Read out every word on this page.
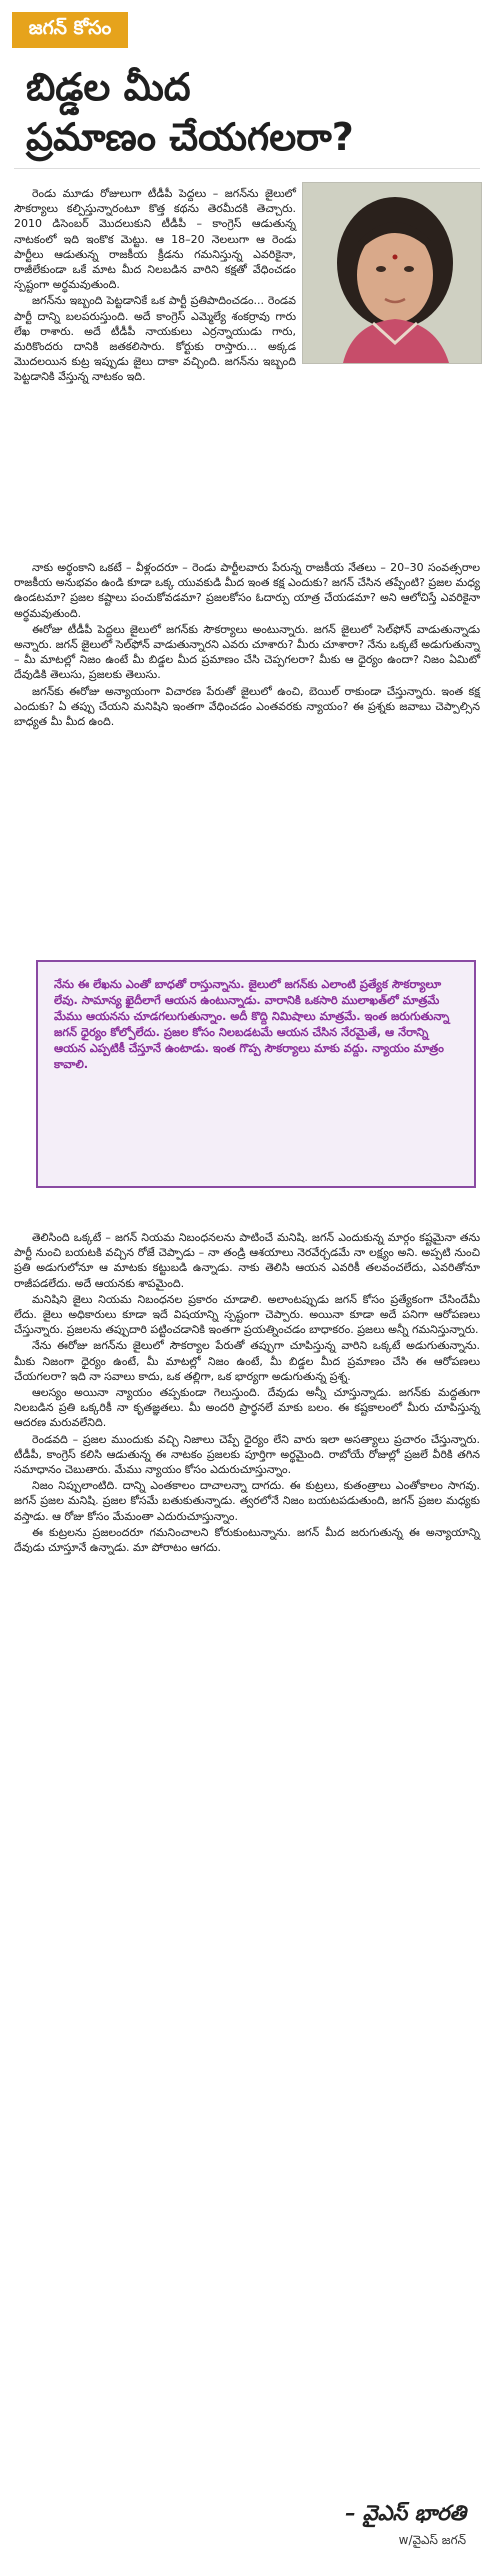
జగన్ కోసం
బిడ్డల మీద
ప్రమాణం చేయగలరా?

రెండు మూడు రోజులుగా టీడీపీ పెద్దలు – జగన్‌ను జైలులో సౌకర్యాలు కల్పిస్తున్నారంటూ కొత్త కథను తెరమీదకి తెచ్చారు. 2010 డిసెంబర్ మొదలుకుని టీడీపీ – కాంగ్రెస్ ఆడుతున్న నాటకంలో ఇది ఇంకొక మెట్టు. ఆ 18–20 నెలలుగా ఆ రెండు పార్టీలు ఆడుతున్న రాజకీయ క్రీడను గమనిస్తున్న ఎవరికైనా, రాజీలేకుండా ఒకే మాట మీద నిలబడిన వారిని కక్షతో వేధించడం స్పష్టంగా అర్థమవుతుంది.

జగన్‌ను ఇబ్బంది పెట్టడానికే ఒక పార్టీ ప్రతిపాదించడం... రెండవ పార్టీ దాన్ని బలపరుస్తుంది. అదే కాంగ్రెస్ ఎమ్మెల్యే శంకర్రావు గారు లేఖ రాశారు. అదే టీడీపీ నాయకులు ఎర్రన్నాయుడు గారు, మరికొందరు దానికి జతకలిసారు. కోర్టుకు రాస్తారు... అక్కడ మొదలయిన కుట్ర ఇప్పుడు జైలు దాకా వచ్చింది. జగన్‌ను ఇబ్బంది పెట్టడానికి వేస్తున్న నాటకం ఇది.

నాకు అర్థంకాని ఒకటే – వీళ్లందరూ – రెండు పార్టీలవారు పేరున్న రాజకీయ నేతలు – 20–30 సంవత్సరాల రాజకీయ అనుభవం ఉండి కూడా ఒక్క యువకుడి మీద ఇంత కక్ష ఎందుకు? జగన్ చేసిన తప్పేంటి? ప్రజల మధ్య ఉండటమా? ప్రజల కష్టాలు పంచుకోవడమా? ప్రజలకోసం ఓదార్పు యాత్ర చేయడమా? అని ఆలోచిస్తే ఎవరికైనా అర్థమవుతుంది.

ఈరోజు టీడీపీ పెద్దలు జైలులో జగన్‌కు సౌకర్యాలు అంటున్నారు. జగన్ జైలులో సెల్‌ఫోన్ వాడుతున్నాడు అన్నారు. జగన్ జైలులో సెల్‌ఫోన్ వాడుతున్నారని ఎవరు చూశారు? మీరు చూశారా? నేను ఒక్కటే అడుగుతున్నా – మీ మాటల్లో నిజం ఉంటే మీ బిడ్డల మీద ప్రమాణం చేసి చెప్పగలరా? మీకు ఆ ధైర్యం ఉందా? నిజం ఏమిటో దేవుడికి తెలుసు, ప్రజలకు తెలుసు.

జగన్‌కు ఈరోజు అన్యాయంగా విచారణ పేరుతో జైలులో ఉంచి, బెయిల్ రాకుండా చేస్తున్నారు. ఇంత కక్ష ఎందుకు? ఏ తప్పు చేయని మనిషిని ఇంతగా వేధించడం ఎంతవరకు న్యాయం? ఈ ప్రశ్నకు జవాబు చెప్పాల్సిన బాధ్యత మీ మీద ఉంది.

నేను ఈ లేఖను ఎంతో బాధతో రాస్తున్నాను. జైలులో జగన్‌కు ఎలాంటి ప్రత్యేక సౌకర్యాలూ లేవు. సామాన్య ఖైదీలాగే ఆయన ఉంటున్నాడు. వారానికి ఒకసారి ములాఖత్‌లో మాత్రమే మేము ఆయనను చూడగలుగుతున్నాం. అదీ కొద్ది నిమిషాలు మాత్రమే. ఇంత జరుగుతున్నా జగన్ ధైర్యం కోల్పోలేదు. ప్రజల కోసం నిలబడటమే ఆయన చేసిన నేరమైతే, ఆ నేరాన్ని ఆయన ఎప్పటికీ చేస్తూనే ఉంటాడు. ఇంత గొప్ప సౌకర్యాలు మాకు వద్దు. న్యాయం మాత్రం కావాలి.

తెలిసింది ఒక్కటే – జగన్ నియమ నిబంధనలను పాటించే మనిషి. జగన్ ఎందుకున్న మార్గం కష్టమైనా తను పార్టీ నుంచి బయటకి వచ్చిన రోజే చెప్పాడు – నా తండ్రి ఆశయాలు నెరవేర్చడమే నా లక్ష్యం అని. అప్పటి నుంచి ప్రతి అడుగులోనూ ఆ మాటకు కట్టుబడి ఉన్నాడు. నాకు తెలిసి ఆయన ఎవరికీ తలవంచలేదు, ఎవరితోనూ రాజీపడలేదు. అదే ఆయనకు శాపమైంది.

మనిషిని జైలు నియమ నిబంధనల ప్రకారం చూడాలి. అలాంటప్పుడు జగన్ కోసం ప్రత్యేకంగా చేసిందేమీ లేదు. జైలు అధికారులు కూడా ఇదే విషయాన్ని స్పష్టంగా చెప్పారు. అయినా కూడా అదే పనిగా ఆరోపణలు చేస్తున్నారు. ప్రజలను తప్పుదారి పట్టించడానికి ఇంతగా ప్రయత్నించడం బాధాకరం. ప్రజలు అన్నీ గమనిస్తున్నారు.

నేను ఈరోజు జగన్‌ను జైలులో సౌకర్యాల పేరుతో తప్పుగా చూపిస్తున్న వారిని ఒక్కటే అడుగుతున్నాను. మీకు నిజంగా ధైర్యం ఉంటే, మీ మాటల్లో నిజం ఉంటే, మీ బిడ్డల మీద ప్రమాణం చేసి ఈ ఆరోపణలు చేయగలరా? ఇది నా సవాలు కాదు, ఒక తల్లిగా, ఒక భార్యగా అడుగుతున్న ప్రశ్న.

ఆలస్యం అయినా న్యాయం తప్పకుండా గెలుస్తుంది. దేవుడు అన్నీ చూస్తున్నాడు. జగన్‌కు మద్దతుగా నిలబడిన ప్రతి ఒక్కరికీ నా కృతజ్ఞతలు. మీ అందరి ప్రార్థనలే మాకు బలం. ఈ కష్టకాలంలో మీరు చూపిస్తున్న ఆదరణ మరువలేనిది.

రెండవది – ప్రజల ముందుకు వచ్చి నిజాలు చెప్పే ధైర్యం లేని వారు ఇలా అసత్యాలు ప్రచారం చేస్తున్నారు. టీడీపీ, కాంగ్రెస్ కలిసి ఆడుతున్న ఈ నాటకం ప్రజలకు పూర్తిగా అర్థమైంది. రాబోయే రోజుల్లో ప్రజలే వీరికి తగిన సమాధానం చెబుతారు. మేము న్యాయం కోసం ఎదురుచూస్తున్నాం.

నిజం నిప్పులాంటిది. దాన్ని ఎంతకాలం దాచాలన్నా దాగదు. ఈ కుట్రలు, కుతంత్రాలు ఎంతోకాలం సాగవు. జగన్ ప్రజల మనిషి. ప్రజల కోసమే బతుకుతున్నాడు. త్వరలోనే నిజం బయటపడుతుంది, జగన్ ప్రజల మధ్యకు వస్తాడు. ఆ రోజు కోసం మేమంతా ఎదురుచూస్తున్నాం.

ఈ కుట్రలను ప్రజలందరూ గమనించాలని కోరుకుంటున్నాను. జగన్ మీద జరుగుతున్న ఈ అన్యాయాన్ని దేవుడు చూస్తూనే ఉన్నాడు. మా పోరాటం ఆగదు.

– వైఎస్ భారతి
w/వైఎస్ జగన్
